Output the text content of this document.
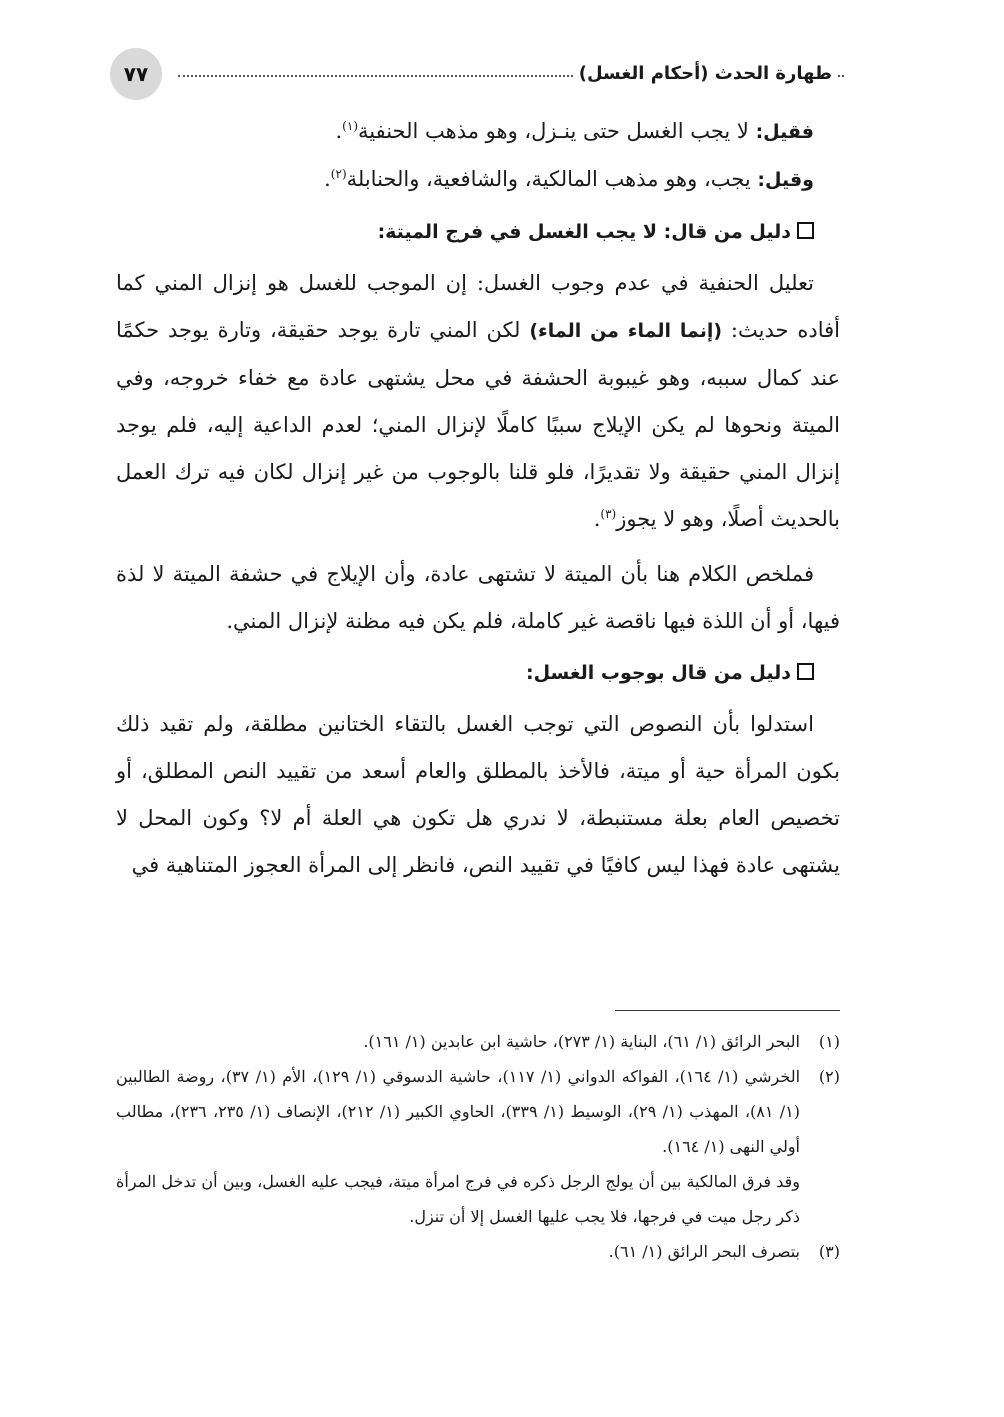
٧٧	طهارة الحدث (أحكام الغسل)

فقيل: لا يجب الغسل حتى ينـزل، وهو مذهب الحنفية$^{(١)}$.

وقيل: يجب، وهو مذهب المالكية، والشافعية، والحنابلة$^{(٢)}$.

دليل من قال: لا يجب الغسل في فرج الميتة:

تعليل الحنفية في عدم وجوب الغسل: إن الموجب للغسل هو إنزال المني كما أفاده حديث: (إنما الماء من الماء) لكن المني تارة يوجد حقيقة، وتارة يوجد حكمًا عند كمال سببه، وهو غيبوبة الحشفة في محل يشتهى عادة مع خفاء خروجه، وفي الميتة ونحوها لم يكن الإيلاج سببًا كاملًا لإنزال المني؛ لعدم الداعية إليه، فلم يوجد إنزال المني حقيقة ولا تقديرًا، فلو قلنا بالوجوب من غير إنزال لكان فيه ترك العمل بالحديث أصلًا، وهو لا يجوز$^{(٣)}$.

فملخص الكلام هنا بأن الميتة لا تشتهى عادة، وأن الإيلاج في حشفة الميتة لا لذة فيها، أو أن اللذة فيها ناقصة غير كاملة، فلم يكن فيه مظنة لإنزال المني.

دليل من قال بوجوب الغسل:

استدلوا بأن النصوص التي توجب الغسل بالتقاء الختانين مطلقة، ولم تقيد ذلك بكون المرأة حية أو ميتة، فالأخذ بالمطلق والعام أسعد من تقييد النص المطلق، أو تخصيص العام بعلة مستنبطة، لا ندري هل تكون هي العلة أم لا؟ وكون المحل لا يشتهى عادة فهذا ليس كافيًا في تقييد النص، فانظر إلى المرأة العجوز المتناهية في

(١)
البحر الرائق (١/ ٦١)، البناية (١/ ٢٧٣)، حاشية ابن عابدين (١/ ١٦١).
(٢)
الخرشي (١/ ١٦٤)، الفواكه الدواني (١/ ١١٧)، حاشية الدسوقي (١/ ١٢٩)، الأم (١/ ٣٧)، روضة الطالبين (١/ ٨١)، المهذب (١/ ٢٩)، الوسيط (١/ ٣٣٩)، الحاوي الكبير (١/ ٢١٢)، الإنصاف (١/ ٢٣٥، ٢٣٦)، مطالب أولي النهى (١/ ١٦٤).
وقد فرق المالكية بين أن يولج الرجل ذكره في فرج امرأة ميتة، فيجب عليه الغسل، وبين أن تدخل المرأة ذكر رجل ميت في فرجها، فلا يجب عليها الغسل إلا أن تنزل.
(٣)
بتصرف البحر الرائق (١/ ٦١).
